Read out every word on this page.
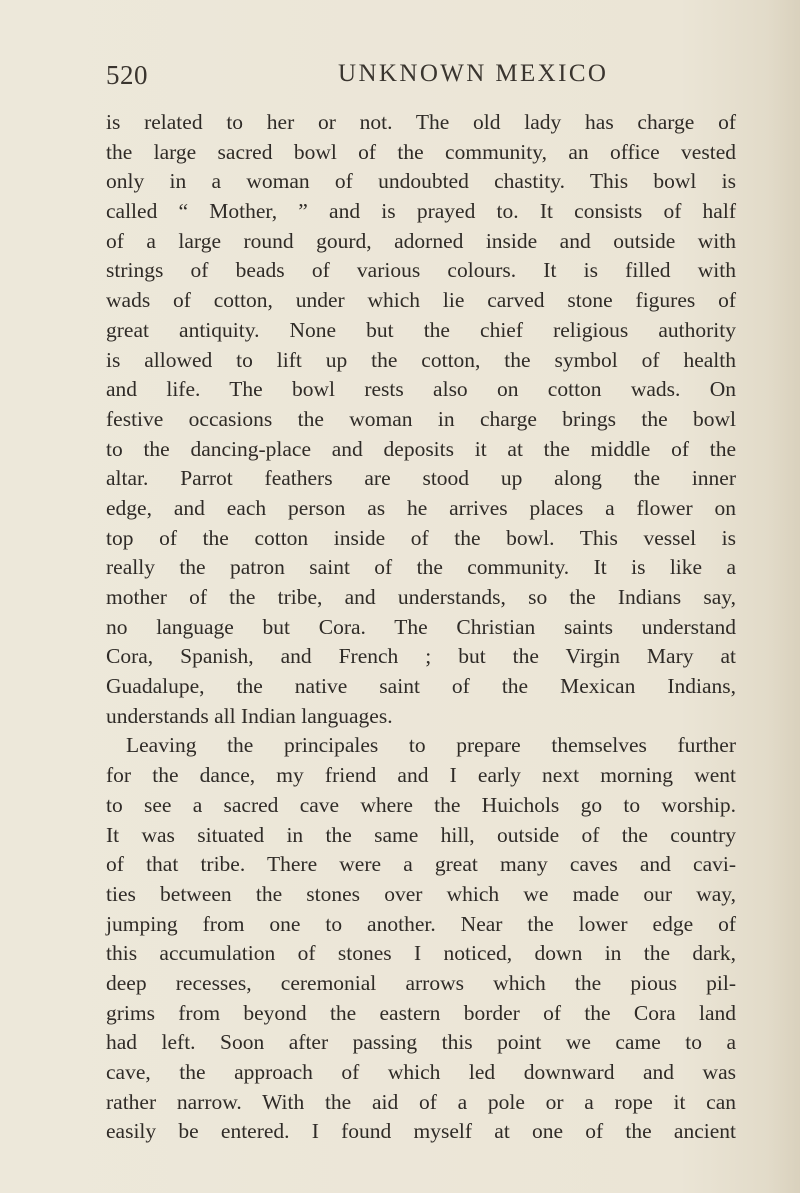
520	UNKNOWN MEXICO
is related to her or not. The old lady has charge of
the large sacred bowl of the community, an office vested
only in a woman of undoubted chastity. This bowl is
called “ Mother, ” and is prayed to. It consists of half
of a large round gourd, adorned inside and outside with
strings of beads of various colours. It is filled with
wads of cotton, under which lie carved stone figures of
great antiquity. None but the chief religious authority
is allowed to lift up the cotton, the symbol of health
and life. The bowl rests also on cotton wads. On
festive occasions the woman in charge brings the bowl
to the dancing-place and deposits it at the middle of the
altar. Parrot feathers are stood up along the inner
edge, and each person as he arrives places a flower on
top of the cotton inside of the bowl. This vessel is
really the patron saint of the community. It is like a
mother of the tribe, and understands, so the Indians say,
no language but Cora. The Christian saints understand
Cora, Spanish, and French ; but the Virgin Mary at
Guadalupe, the native saint of the Mexican Indians,
understands all Indian languages.
Leaving the principales to prepare themselves further
for the dance, my friend and I early next morning went
to see a sacred cave where the Huichols go to worship.
It was situated in the same hill, outside of the country
of that tribe. There were a great many caves and cavi-
ties between the stones over which we made our way,
jumping from one to another. Near the lower edge of
this accumulation of stones I noticed, down in the dark,
deep recesses, ceremonial arrows which the pious pil-
grims from beyond the eastern border of the Cora land
had left. Soon after passing this point we came to a
cave, the approach of which led downward and was
rather narrow. With the aid of a pole or a rope it can
easily be entered. I found myself at one of the ancient
